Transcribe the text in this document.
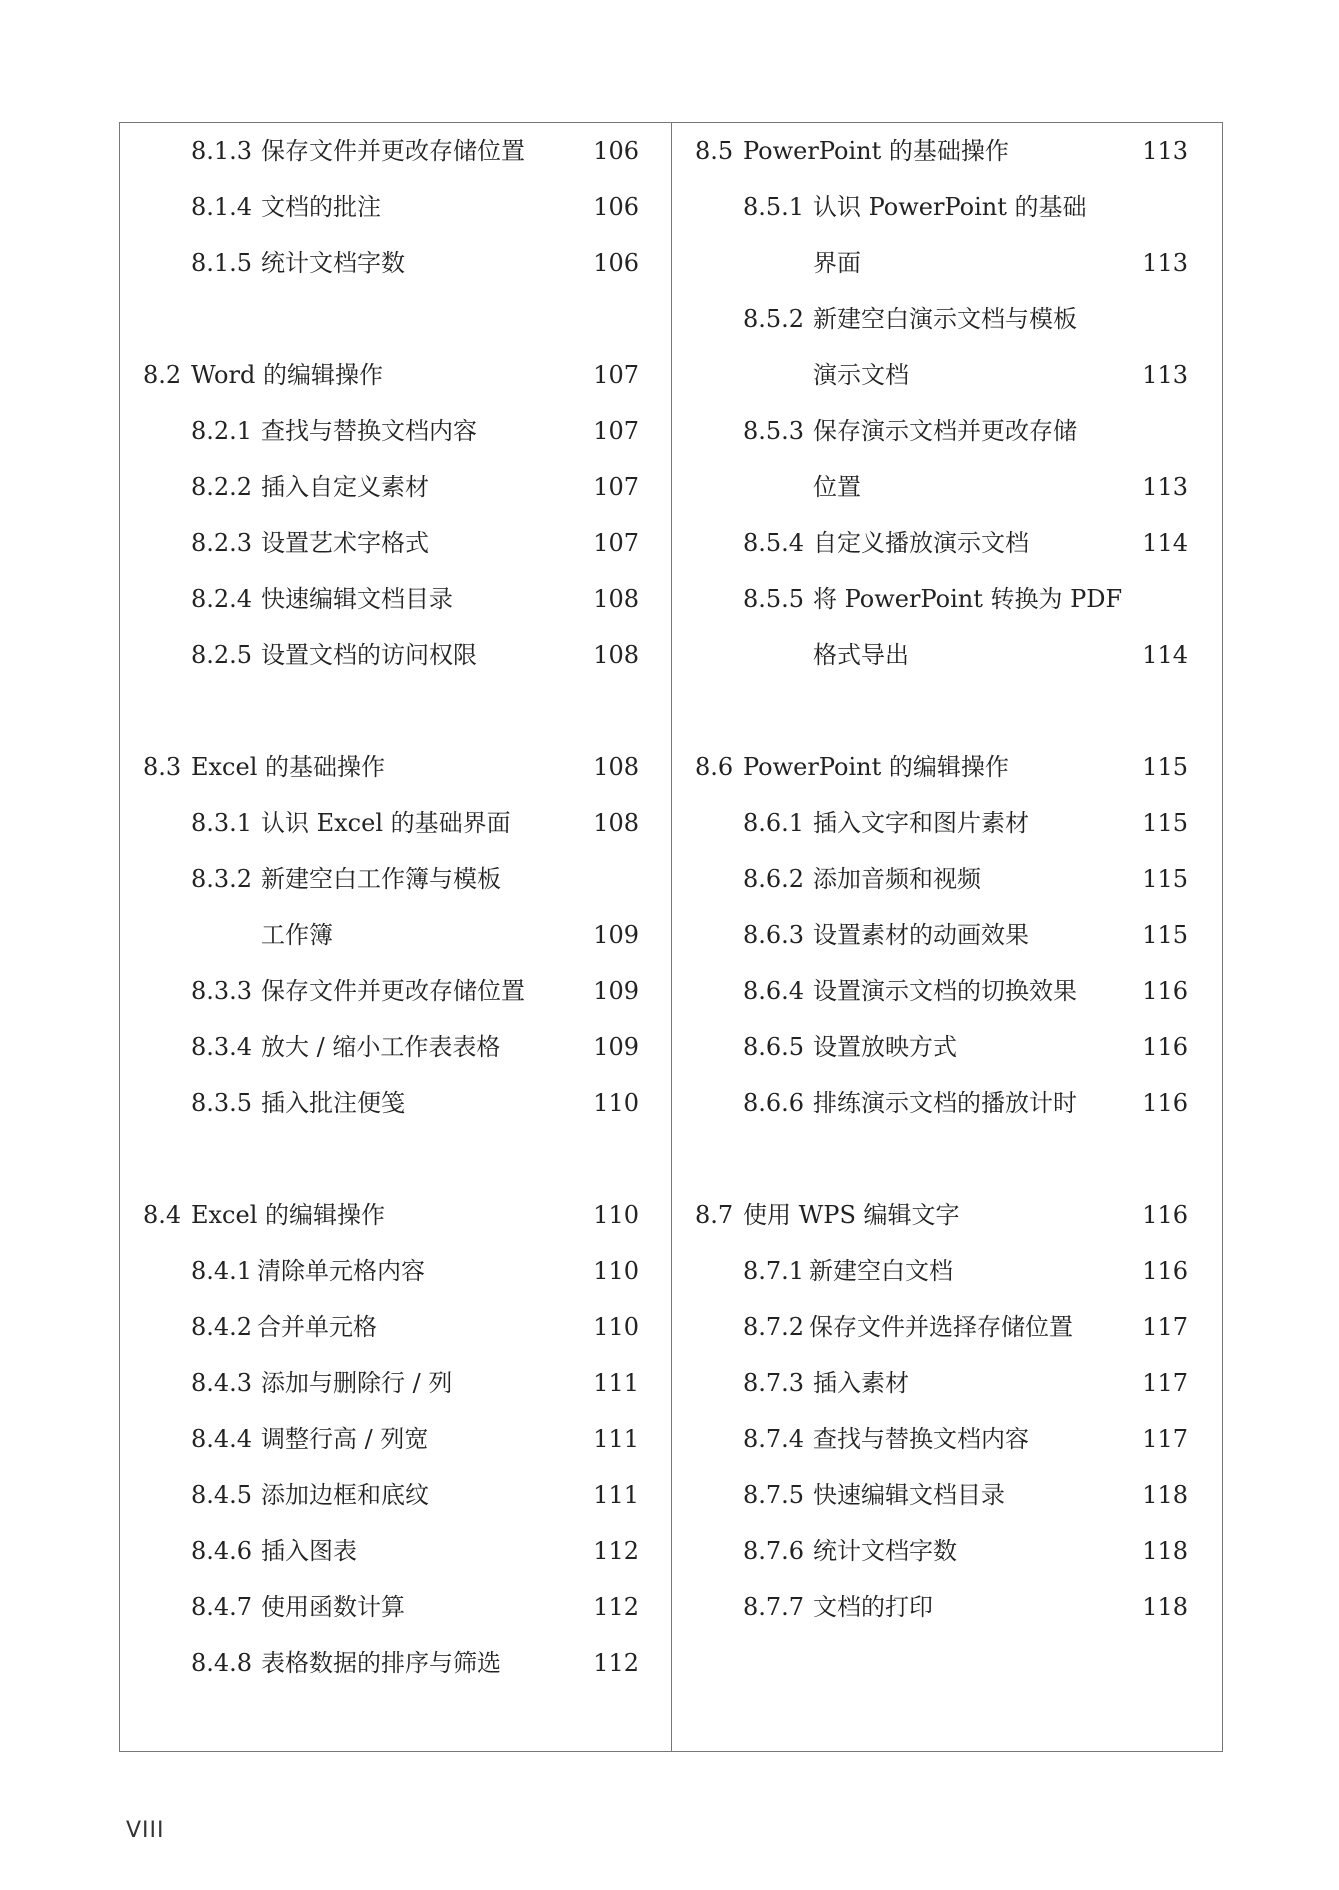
8.1.3 保存文件并更改存储位置	106
8.1.4 文档的批注	106
8.1.5 统计文档字数	106
8.2 Word 的编辑操作	107
8.2.1 查找与替换文档内容	107
8.2.2 插入自定义素材	107
8.2.3 设置艺术字格式	107
8.2.4 快速编辑文档目录	108
8.2.5 设置文档的访问权限	108
8.3 Excel 的基础操作	108
8.3.1 认识 Excel 的基础界面	108
8.3.2 新建空白工作簿与模板
工作簿	109
8.3.3 保存文件并更改存储位置	109
8.3.4 放大 / 缩小工作表表格	109
8.3.5 插入批注便笺	110
8.4 Excel 的编辑操作	110
8.4.1 清除单元格内容	110
8.4.2 合并单元格	110
8.4.3 添加与删除行 / 列	111
8.4.4 调整行高 / 列宽	111
8.4.5 添加边框和底纹	111
8.4.6 插入图表	112
8.4.7 使用函数计算	112
8.4.8 表格数据的排序与筛选	112
8.5 PowerPoint 的基础操作	113
8.5.1 认识 PowerPoint 的基础
界面	113
8.5.2 新建空白演示文档与模板
演示文档	113
8.5.3 保存演示文档并更改存储
位置	113
8.5.4 自定义播放演示文档	114
8.5.5 将 PowerPoint 转换为 PDF
格式导出	114
8.6 PowerPoint 的编辑操作	115
8.6.1 插入文字和图片素材	115
8.6.2 添加音频和视频	115
8.6.3 设置素材的动画效果	115
8.6.4 设置演示文档的切换效果	116
8.6.5 设置放映方式	116
8.6.6 排练演示文档的播放计时	116
8.7 使用 WPS 编辑文字	116
8.7.1 新建空白文档	116
8.7.2 保存文件并选择存储位置	117
8.7.3 插入素材	117
8.7.4 查找与替换文档内容	117
8.7.5 快速编辑文档目录	118
8.7.6 统计文档字数	118
8.7.7 文档的打印	118
VIII
